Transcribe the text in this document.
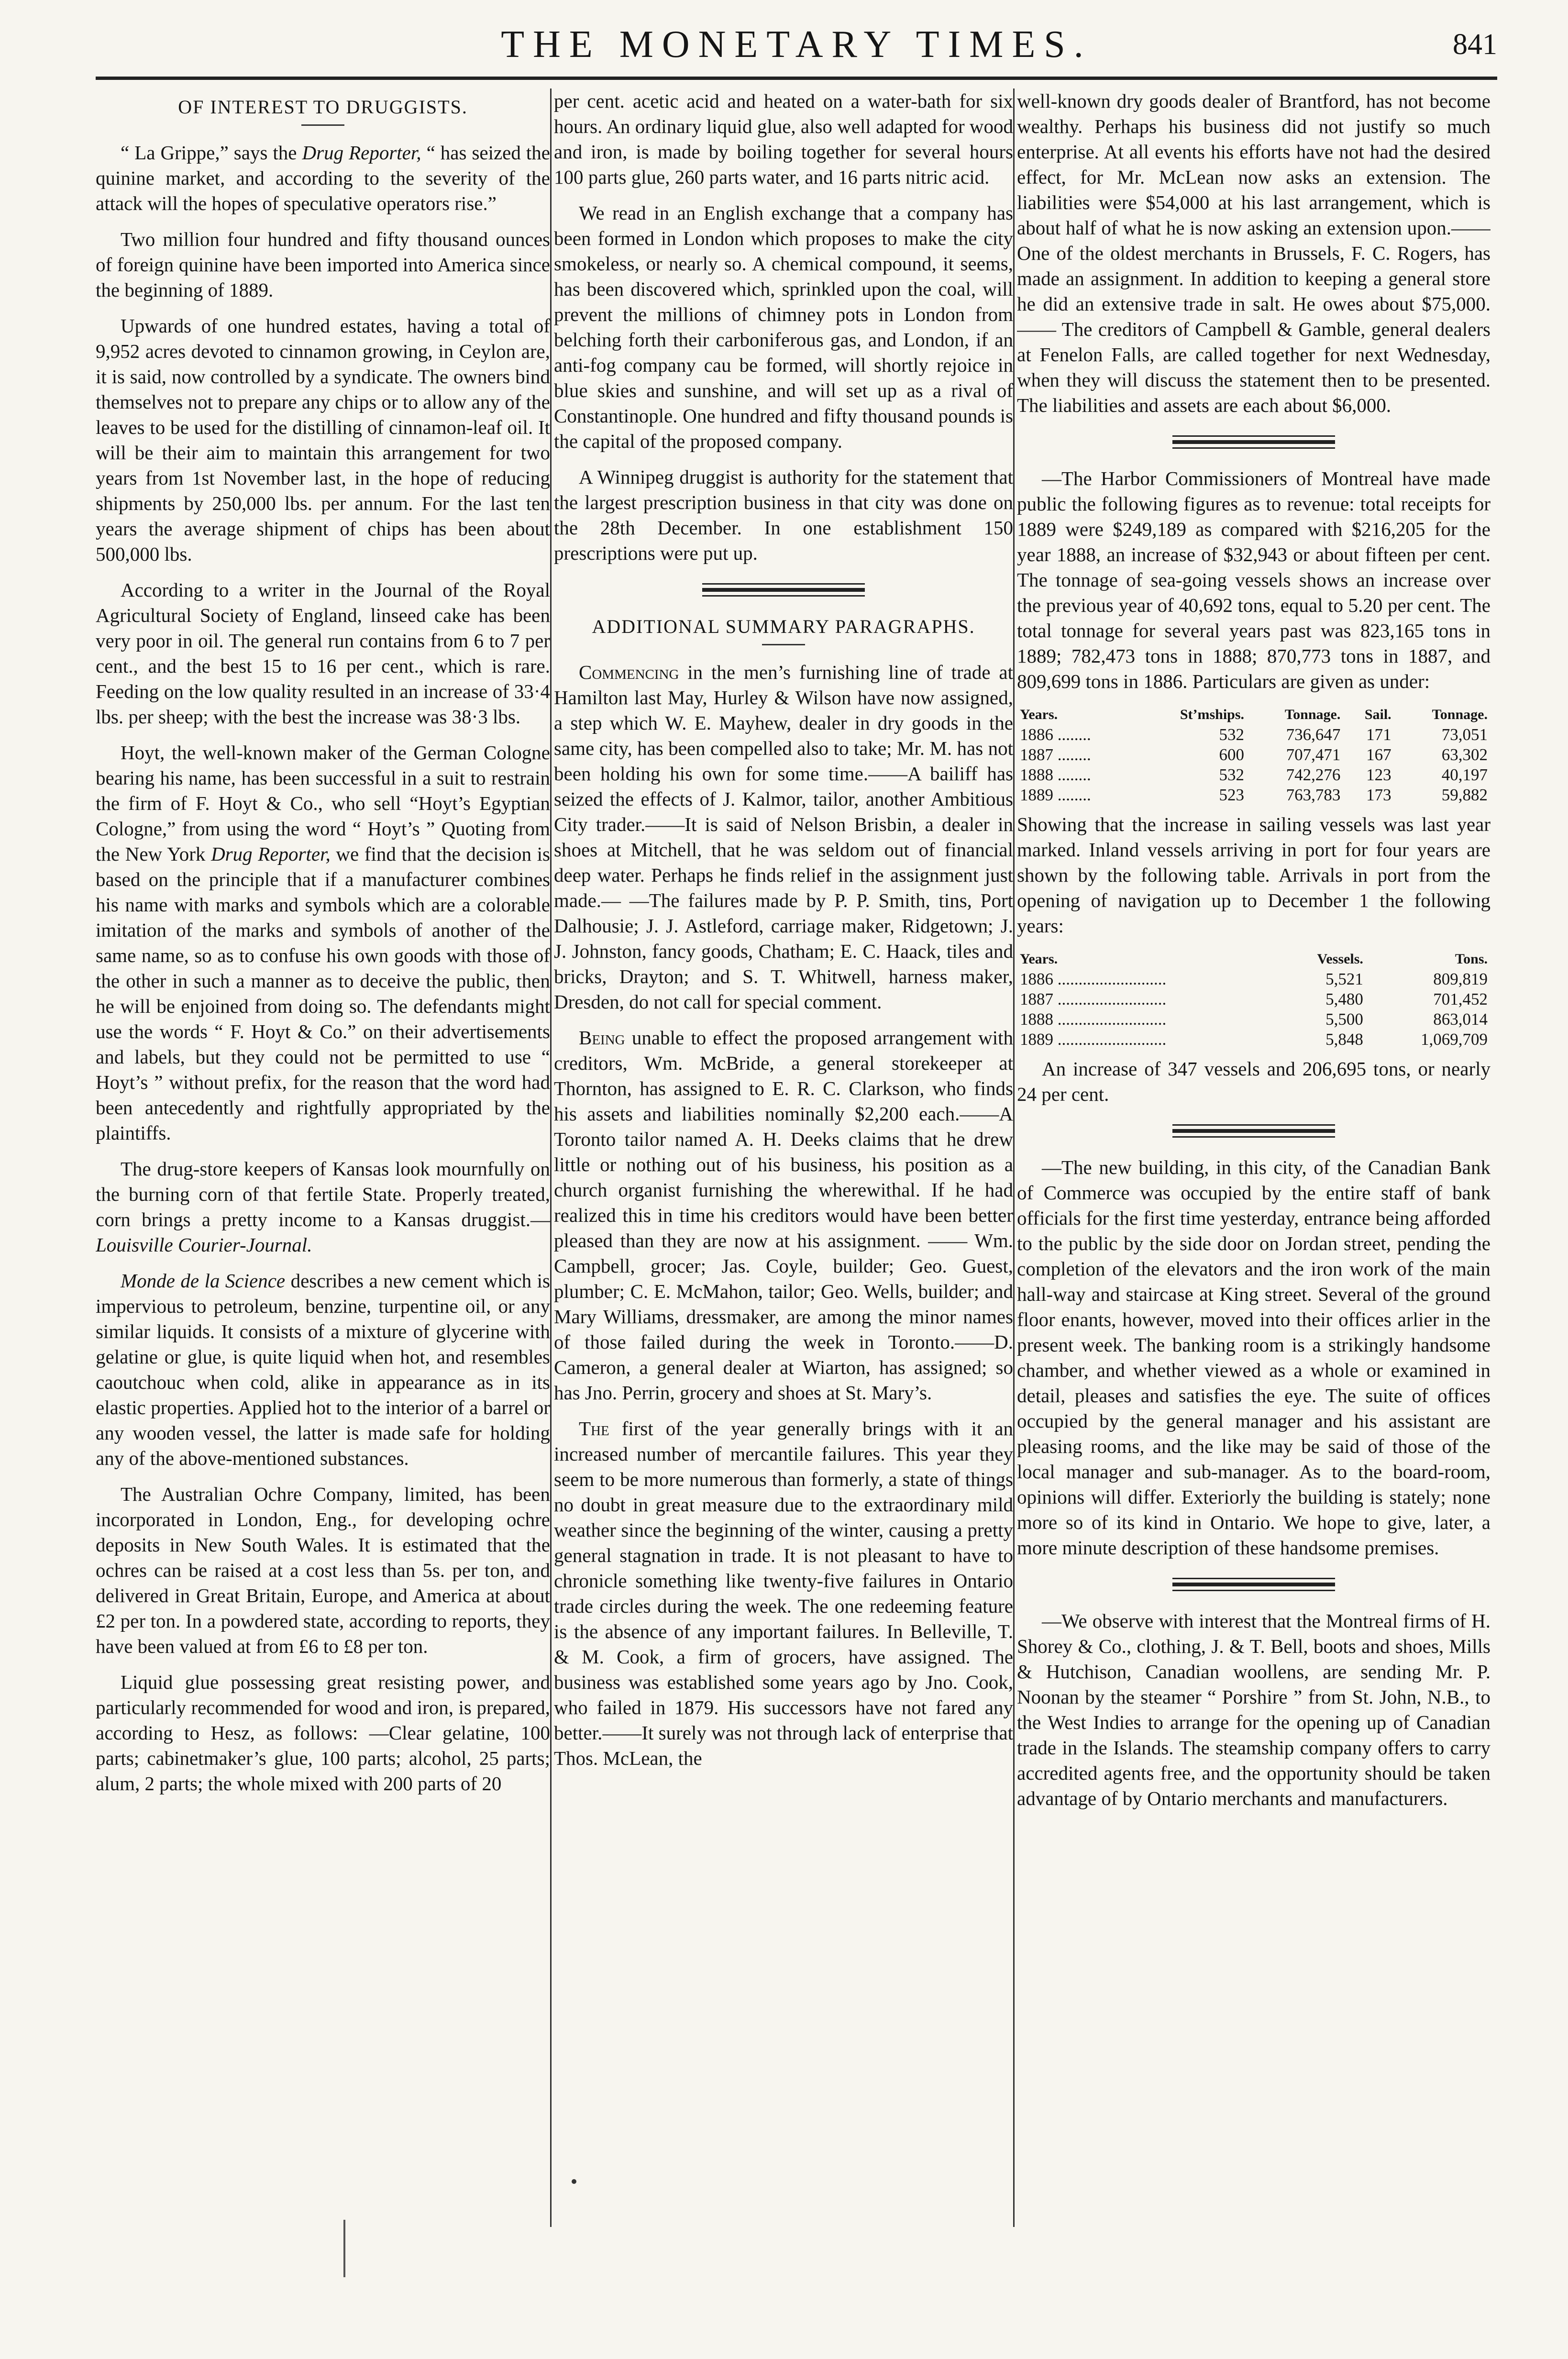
THE MONETARY TIMES.	841
OF INTEREST TO DRUGGISTS.

“ La Grippe,” says the Drug Reporter, “ has seized the quinine market, and according to the severity of the attack will the hopes of speculative operators rise.”

Two million four hundred and fifty thousand ounces of foreign quinine have been imported into America since the beginning of 1889.

Upwards of one hundred estates, having a total of 9,952 acres devoted to cinnamon growing, in Ceylon are, it is said, now controlled by a syndicate. The owners bind themselves not to prepare any chips or to allow any of the leaves to be used for the distilling of cinnamon-leaf oil. It will be their aim to maintain this arrangement for two years from 1st November last, in the hope of reducing shipments by 250,000 lbs. per annum. For the last ten years the average shipment of chips has been about 500,000 lbs.

According to a writer in the Journal of the Royal Agricultural Society of England, linseed cake has been very poor in oil. The general run contains from 6 to 7 per cent., and the best 15 to 16 per cent., which is rare. Feeding on the low quality resulted in an increase of 33·4 lbs. per sheep; with the best the increase was 38·3 lbs.

Hoyt, the well-known maker of the German Cologne bearing his name, has been successful in a suit to restrain the firm of F. Hoyt & Co., who sell “Hoyt’s Egyptian Cologne,” from using the word “ Hoyt’s ” Quoting from the New York Drug Reporter, we find that the decision is based on the principle that if a manufacturer combines his name with marks and symbols which are a colorable imitation of the marks and symbols of another of the same name, so as to confuse his own goods with those of the other in such a manner as to deceive the public, then he will be enjoined from doing so. The defendants might use the words “ F. Hoyt & Co.” on their advertisements and labels, but they could not be permitted to use “ Hoyt’s ” without prefix, for the reason that the word had been antecedently and rightfully appropriated by the plaintiffs.

The drug-store keepers of Kansas look mournfully on the burning corn of that fertile State. Properly treated, corn brings a pretty income to a Kansas druggist.—Louisville Courier-Journal.

Monde de la Science describes a new cement which is impervious to petroleum, benzine, turpentine oil, or any similar liquids. It consists of a mixture of glycerine with gelatine or glue, is quite liquid when hot, and resembles caoutchouc when cold, alike in appearance as in its elastic properties. Applied hot to the interior of a barrel or any wooden vessel, the latter is made safe for holding any of the above-mentioned substances.

The Australian Ochre Company, limited, has been incorporated in London, Eng., for developing ochre deposits in New South Wales. It is estimated that the ochres can be raised at a cost less than 5s. per ton, and delivered in Great Britain, Europe, and America at about £2 per ton. In a powdered state, according to reports, they have been valued at from £6 to £8 per ton.

Liquid glue possessing great resisting power, and particularly recommended for wood and iron, is prepared, according to Hesz, as follows: —Clear gelatine, 100 parts; cabinetmaker’s glue, 100 parts; alcohol, 25 parts; alum, 2 parts; the whole mixed with 200 parts of 20

per cent. acetic acid and heated on a water-bath for six hours. An ordinary liquid glue, also well adapted for wood and iron, is made by boiling together for several hours 100 parts glue, 260 parts water, and 16 parts nitric acid.

We read in an English exchange that a company has been formed in London which proposes to make the city smokeless, or nearly so. A chemical compound, it seems, has been discovered which, sprinkled upon the coal, will prevent the millions of chimney pots in London from belching forth their carboniferous gas, and London, if an anti-fog company cau be formed, will shortly rejoice in blue skies and sunshine, and will set up as a rival of Constantinople. One hundred and fifty thousand pounds is the capital of the proposed company.

A Winnipeg druggist is authority for the statement that the largest prescription business in that city was done on the 28th December. In one establishment 150 prescriptions were put up.

ADDITIONAL SUMMARY PARAGRAPHS.

Commencing in the men’s furnishing line of trade at Hamilton last May, Hurley & Wilson have now assigned, a step which W. E. Mayhew, dealer in dry goods in the same city, has been compelled also to take; Mr. M. has not been holding his own for some time.——A bailiff has seized the effects of J. Kalmor, tailor, another Ambitious City trader.——It is said of Nelson Brisbin, a dealer in shoes at Mitchell, that he was seldom out of financial deep water. Perhaps he finds relief in the assignment just made.— —The failures made by P. P. Smith, tins, Port Dalhousie; J. J. Astleford, carriage maker, Ridgetown; J. J. Johnston, fancy goods, Chatham; E. C. Haack, tiles and bricks, Drayton; and S. T. Whitwell, harness maker, Dresden, do not call for special comment.

Being unable to effect the proposed arrangement with creditors, Wm. McBride, a general storekeeper at Thornton, has assigned to E. R. C. Clarkson, who finds his assets and liabilities nominally $2,200 each.——A Toronto tailor named A. H. Deeks claims that he drew little or nothing out of his business, his position as a church organist furnishing the wherewithal. If he had realized this in time his creditors would have been better pleased than they are now at his assignment. —— Wm. Campbell, grocer; Jas. Coyle, builder; Geo. Guest, plumber; C. E. McMahon, tailor; Geo. Wells, builder; and Mary Williams, dressmaker, are among the minor names of those failed during the week in Toronto.——D. Cameron, a general dealer at Wiarton, has assigned; so has Jno. Perrin, grocery and shoes at St. Mary’s.

The first of the year generally brings with it an increased number of mercantile failures. This year they seem to be more numerous than formerly, a state of things no doubt in great measure due to the extraordinary mild weather since the beginning of the winter, causing a pretty general stagnation in trade. It is not pleasant to have to chronicle something like twenty-five failures in Ontario trade circles during the week. The one redeeming feature is the absence of any important failures. In Belleville, T. & M. Cook, a firm of grocers, have assigned. The business was established some years ago by Jno. Cook, who failed in 1879. His successors have not fared any better.——It surely was not through lack of enterprise that Thos. McLean, the

well-known dry goods dealer of Brantford, has not become wealthy. Perhaps his business did not justify so much enterprise. At all events his efforts have not had the desired effect, for Mr. McLean now asks an extension. The liabilities were $54,000 at his last arrangement, which is about half of what he is now asking an extension upon.——One of the oldest merchants in Brussels, F. C. Rogers, has made an assignment. In addition to keeping a general store he did an extensive trade in salt. He owes about $75,000.—— The creditors of Campbell & Gamble, general dealers at Fenelon Falls, are called together for next Wednesday, when they will discuss the statement then to be presented. The liabilities and assets are each about $6,000.

—The Harbor Commissioners of Montreal have made public the following figures as to revenue: total receipts for 1889 were $249,189 as compared with $216,205 for the year 1888, an increase of $32,943 or about fifteen per cent. The tonnage of sea-going vessels shows an increase over the previous year of 40,692 tons, equal to 5.20 per cent. The total tonnage for several years past was 823,165 tons in 1889; 782,473 tons in 1888; 870,773 tons in 1887, and 809,699 tons in 1886. Particulars are given as under:

Years.	St’mships.	Tonnage.	Sail.	Tonnage.
1886 ........	532	736,647	171	73,051
1887 ........	600	707,471	167	63,302
1888 ........	532	742,276	123	40,197
1889 ........	523	763,783	173	59,882

Showing that the increase in sailing vessels was last year marked. Inland vessels arriving in port for four years are shown by the following table. Arrivals in port from the opening of navigation up to December 1 the following years:

Years.	Vessels.	Tons.
1886 ..........................	5,521	809,819
1887 ..........................	5,480	701,452
1888 ..........................	5,500	863,014
1889 ..........................	5,848	1,069,709

An increase of 347 vessels and 206,695 tons, or nearly 24 per cent.

—The new building, in this city, of the Canadian Bank of Commerce was occupied by the entire staff of bank officials for the first time yesterday, entrance being afforded to the public by the side door on Jordan street, pending the completion of the elevators and the iron work of the main hall-way and staircase at King street. Several of the ground floor enants, however, moved into their offices arlier in the present week. The banking room is a strikingly handsome chamber, and whether viewed as a whole or examined in detail, pleases and satisfies the eye. The suite of offices occupied by the general manager and his assistant are pleasing rooms, and the like may be said of those of the local manager and sub-manager. As to the board-room, opinions will differ. Exteriorly the building is stately; none more so of its kind in Ontario. We hope to give, later, a more minute description of these handsome premises.

—We observe with interest that the Montreal firms of H. Shorey & Co., clothing, J. & T. Bell, boots and shoes, Mills & Hutchison, Canadian woollens, are sending Mr. P. Noonan by the steamer “ Porshire ” from St. John, N.B., to the West Indies to arrange for the opening up of Canadian trade in the Islands. The steamship company offers to carry accredited agents free, and the opportunity should be taken advantage of by Ontario merchants and manufacturers.
